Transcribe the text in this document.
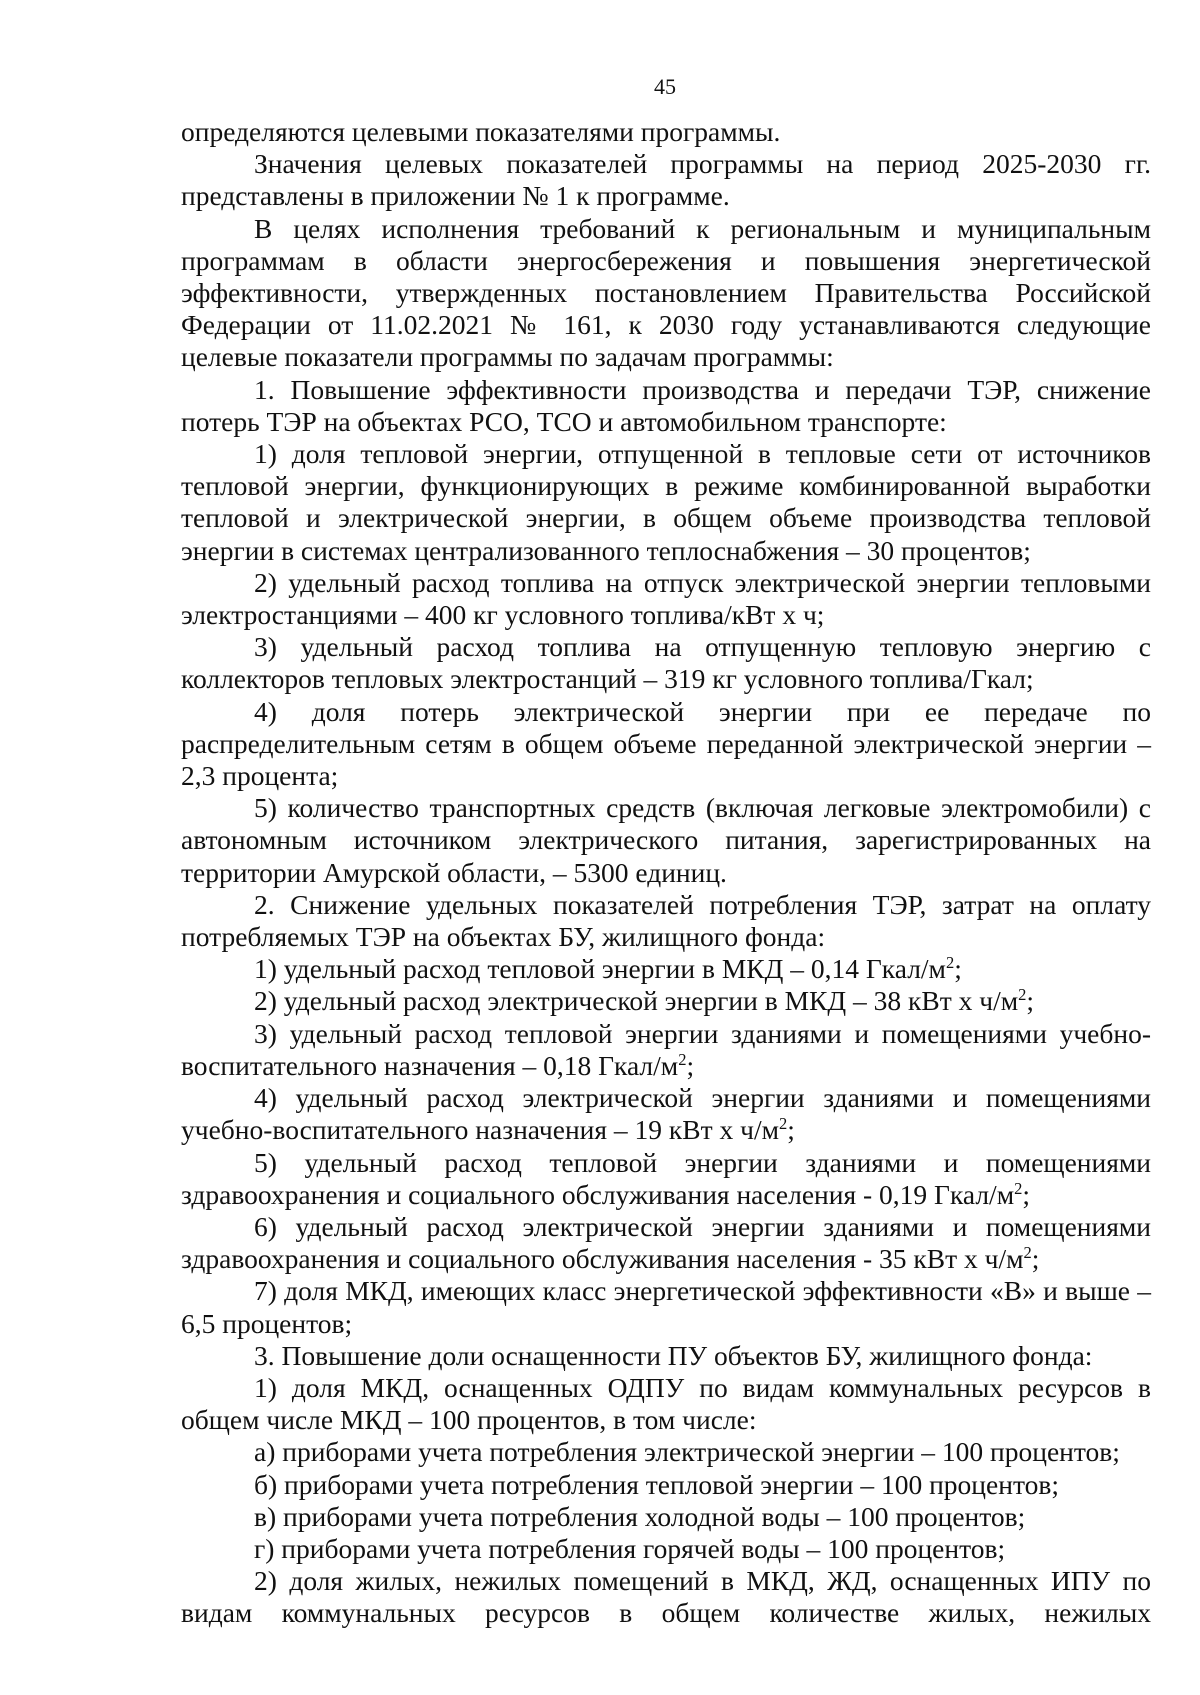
45

определяются целевыми показателями программы.

Значения целевых показателей программы на период 2025-2030 гг. представлены в приложении № 1 к программе.

В целях исполнения требований к региональным и муниципальным программам в области энергосбережения и повышения энергетической эффективности, утвержденных постановлением Правительства Российской Федерации от 11.02.2021 № 161, к 2030 году устанавливаются следующие целевые показатели программы по задачам программы:

1. Повышение эффективности производства и передачи ТЭР, снижение потерь ТЭР на объектах РСО, ТСО и автомобильном транспорте:

1) доля тепловой энергии, отпущенной в тепловые сети от источников тепловой энергии, функционирующих в режиме комбинированной выработки тепловой и электрической энергии, в общем объеме производства тепловой энергии в системах централизованного теплоснабжения – 30 процентов;

2) удельный расход топлива на отпуск электрической энергии тепловыми электростанциями – 400 кг условного топлива/кВт х ч;

3) удельный расход топлива на отпущенную тепловую энергию с коллекторов тепловых электростанций – 319 кг условного топлива/Гкал;

4) доля потерь электрической энергии при ее передаче по распределительным сетям в общем объеме переданной электрической энергии – 2,3 процента;

5) количество транспортных средств (включая легковые электромобили) с автономным источником электрического питания, зарегистрированных на территории Амурской области, – 5300 единиц.

2. Снижение удельных показателей потребления ТЭР, затрат на оплату потребляемых ТЭР на объектах БУ, жилищного фонда:

1) удельный расход тепловой энергии в МКД – 0,14 Гкал/$м^2$;

2) удельный расход электрической энергии в МКД – 38 кВт х $ч/м^2$;

3) удельный расход тепловой энергии зданиями и помещениями учебно-воспитательного назначения – 0,18 Гкал/$м^2$;

4) удельный расход электрической энергии зданиями и помещениями учебно-воспитательного назначения – 19 кВт х $ч/м^2$;

5) удельный расход тепловой энергии зданиями и помещениями здравоохранения и социального обслуживания населения - 0,19 Гкал/$м^2$;

6) удельный расход электрической энергии зданиями и помещениями здравоохранения и социального обслуживания населения - 35 кВт х $ч/м^2$;

7) доля МКД, имеющих класс энергетической эффективности «В» и выше – 6,5 процентов;

3. Повышение доли оснащенности ПУ объектов БУ, жилищного фонда:

1) доля МКД, оснащенных ОДПУ по видам коммунальных ресурсов в общем числе МКД – 100 процентов, в том числе:

а) приборами учета потребления электрической энергии – 100 процентов;

б) приборами учета потребления тепловой энергии – 100 процентов;

в) приборами учета потребления холодной воды – 100 процентов;

г) приборами учета потребления горячей воды – 100 процентов;

2) доля жилых, нежилых помещений в МКД, ЖД, оснащенных ИПУ по видам коммунальных ресурсов в общем количестве жилых, нежилых
